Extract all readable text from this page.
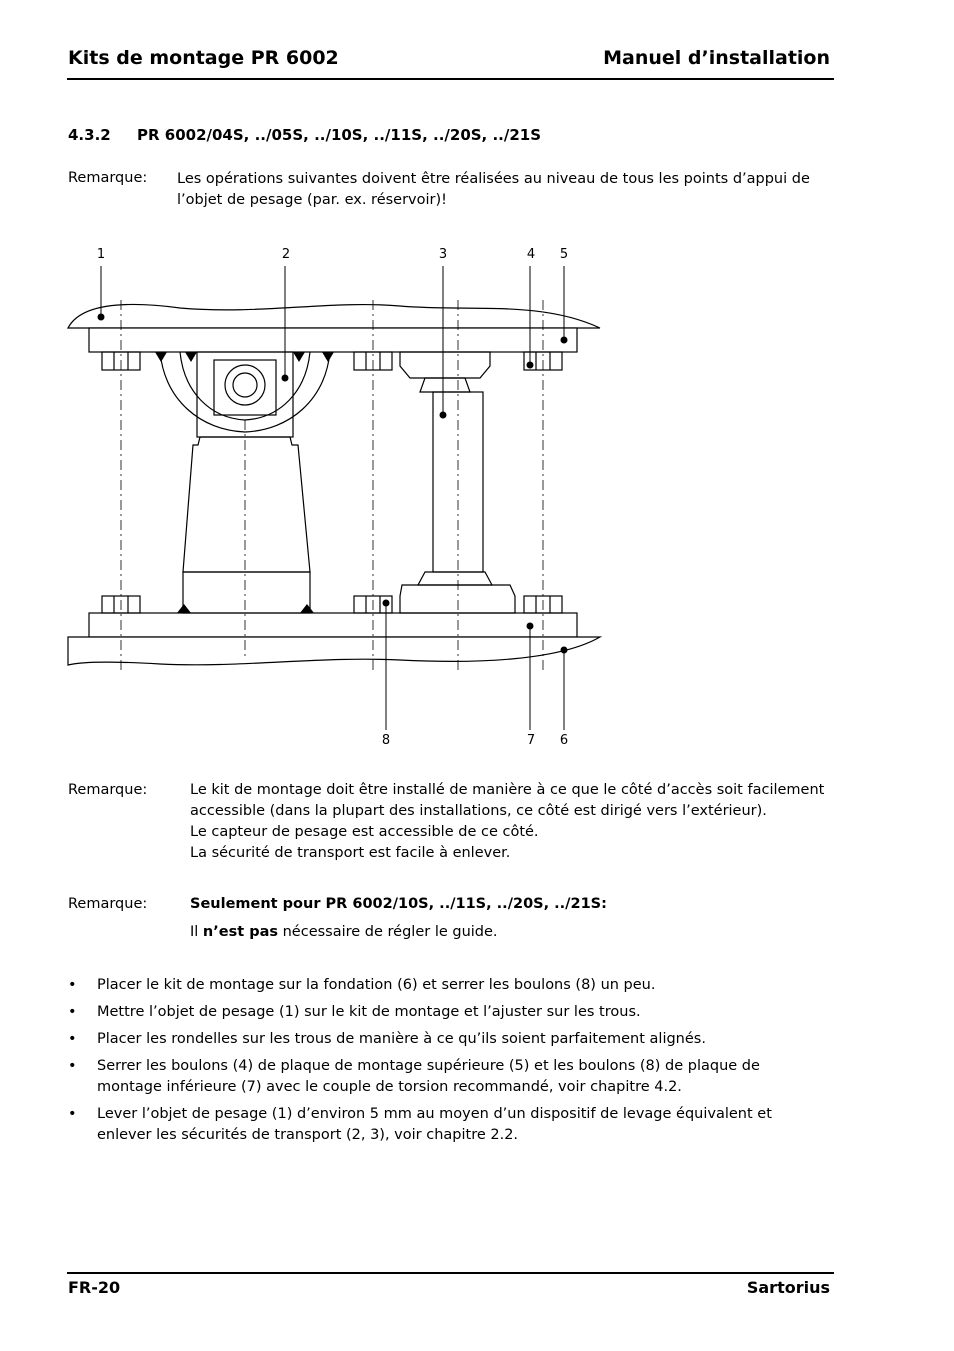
Kits de montage PR 6002	Manuel d’installation
4.3.2 PR 6002/04S, ../05S, ../10S, ../11S, ../20S, ../21S
Remarque: Les opérations suivantes doivent être réalisées au niveau de tous les points d’appui de
l’objet de pesage (par. ex. réservoir)!
1	2	3	4 5
8	7 6
Remarque:	Le kit de montage doit être installé de manière à ce que le côté d’accès soit facilement
accessible (dans la plupart des installations, ce côté est dirigé vers l’extérieur).
Le capteur de pesage est accessible de ce côté.
La sécurité de transport est facile à enlever.
Remarque:	Seulement pour PR 6002/10S, ../11S, ../20S, ../21S:
Il n’est pas nécessaire de régler le guide.
• Placer le kit de montage sur la fondation (6) et serrer les boulons (8) un peu.
• Mettre l’objet de pesage (1) sur le kit de montage et l’ajuster sur les trous.
• Placer les rondelles sur les trous de manière à ce qu’ils soient parfaitement alignés.
• Serrer les boulons (4) de plaque de montage supérieure (5) et les boulons (8) de plaque de montage inférieure (7) avec le couple de torsion recommandé, voir chapitre 4.2.
• Lever l’objet de pesage (1) d’environ 5 mm au moyen d’un dispositif de levage équivalent et enlever les sécurités de transport (2, 3), voir chapitre 2.2.
FR-20	Sartorius
